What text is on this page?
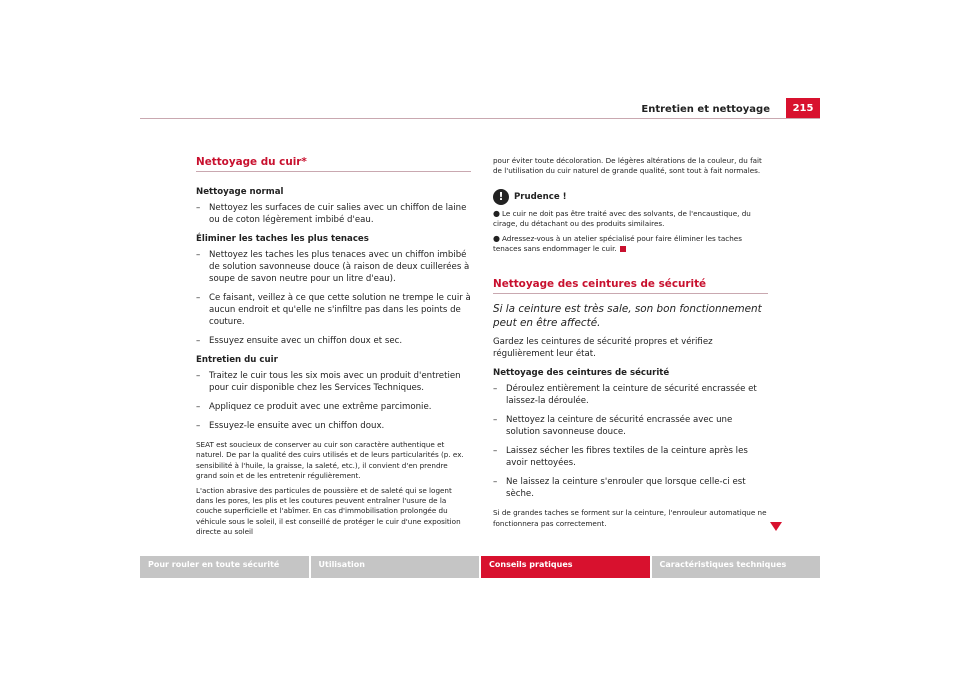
Entretien et nettoyage	215
Nettoyage du cuir*
Nettoyage normal
– Nettoyez les surfaces de cuir salies avec un chiffon de laine ou de coton légèrement imbibé d'eau.
Éliminer les taches les plus tenaces
– Nettoyez les taches les plus tenaces avec un chiffon imbibé de solution savonneuse douce (à raison de deux cuillerées à soupe de savon neutre pour un litre d'eau).
– Ce faisant, veillez à ce que cette solution ne trempe le cuir à aucun endroit et qu'elle ne s'infiltre pas dans les points de couture.
– Essuyez ensuite avec un chiffon doux et sec.
Entretien du cuir
– Traitez le cuir tous les six mois avec un produit d'entretien pour cuir disponible chez les Services Techniques.
– Appliquez ce produit avec une extrême parcimonie.
– Essuyez-le ensuite avec un chiffon doux.

SEAT est soucieux de conserver au cuir son caractère authentique et naturel. De par la qualité des cuirs utilisés et de leurs particularités (p. ex. sensibilité à l'huile, la graisse, la saleté, etc.), il convient d'en prendre grand soin et de les entretenir régulièrement.

L'action abrasive des particules de poussière et de saleté qui se logent dans les pores, les plis et les coutures peuvent entraîner l'usure de la couche superficielle et l'abîmer. En cas d'immobilisation prolongée du véhicule sous le soleil, il est conseillé de protéger le cuir d'une exposition directe au soleil

pour éviter toute décoloration. De légères altérations de la couleur, du fait de l'utilisation du cuir naturel de grande qualité, sont tout à fait normales.

!	Prudence !

● Le cuir ne doit pas être traité avec des solvants, de l'encaustique, du cirage, du détachant ou des produits similaires.

● Adressez-vous à un atelier spécialisé pour faire éliminer les taches tenaces sans endommager le cuir.

Nettoyage des ceintures de sécurité
Si la ceinture est très sale, son bon fonctionnement peut en être affecté.

Gardez les ceintures de sécurité propres et vérifiez régulièrement leur état.

Nettoyage des ceintures de sécurité
– Déroulez entièrement la ceinture de sécurité encrassée et laissez-la déroulée.
– Nettoyez la ceinture de sécurité encrassée avec une solution savonneuse douce.
– Laissez sécher les fibres textiles de la ceinture après les avoir nettoyées.
– Ne laissez la ceinture s'enrouler que lorsque celle-ci est sèche.

Si de grandes taches se forment sur la ceinture, l'enrouleur automatique ne fonctionnera pas correctement.

Pour rouler en toute sécurité	Utilisation	Conseils pratiques	Caractéristiques techniques
